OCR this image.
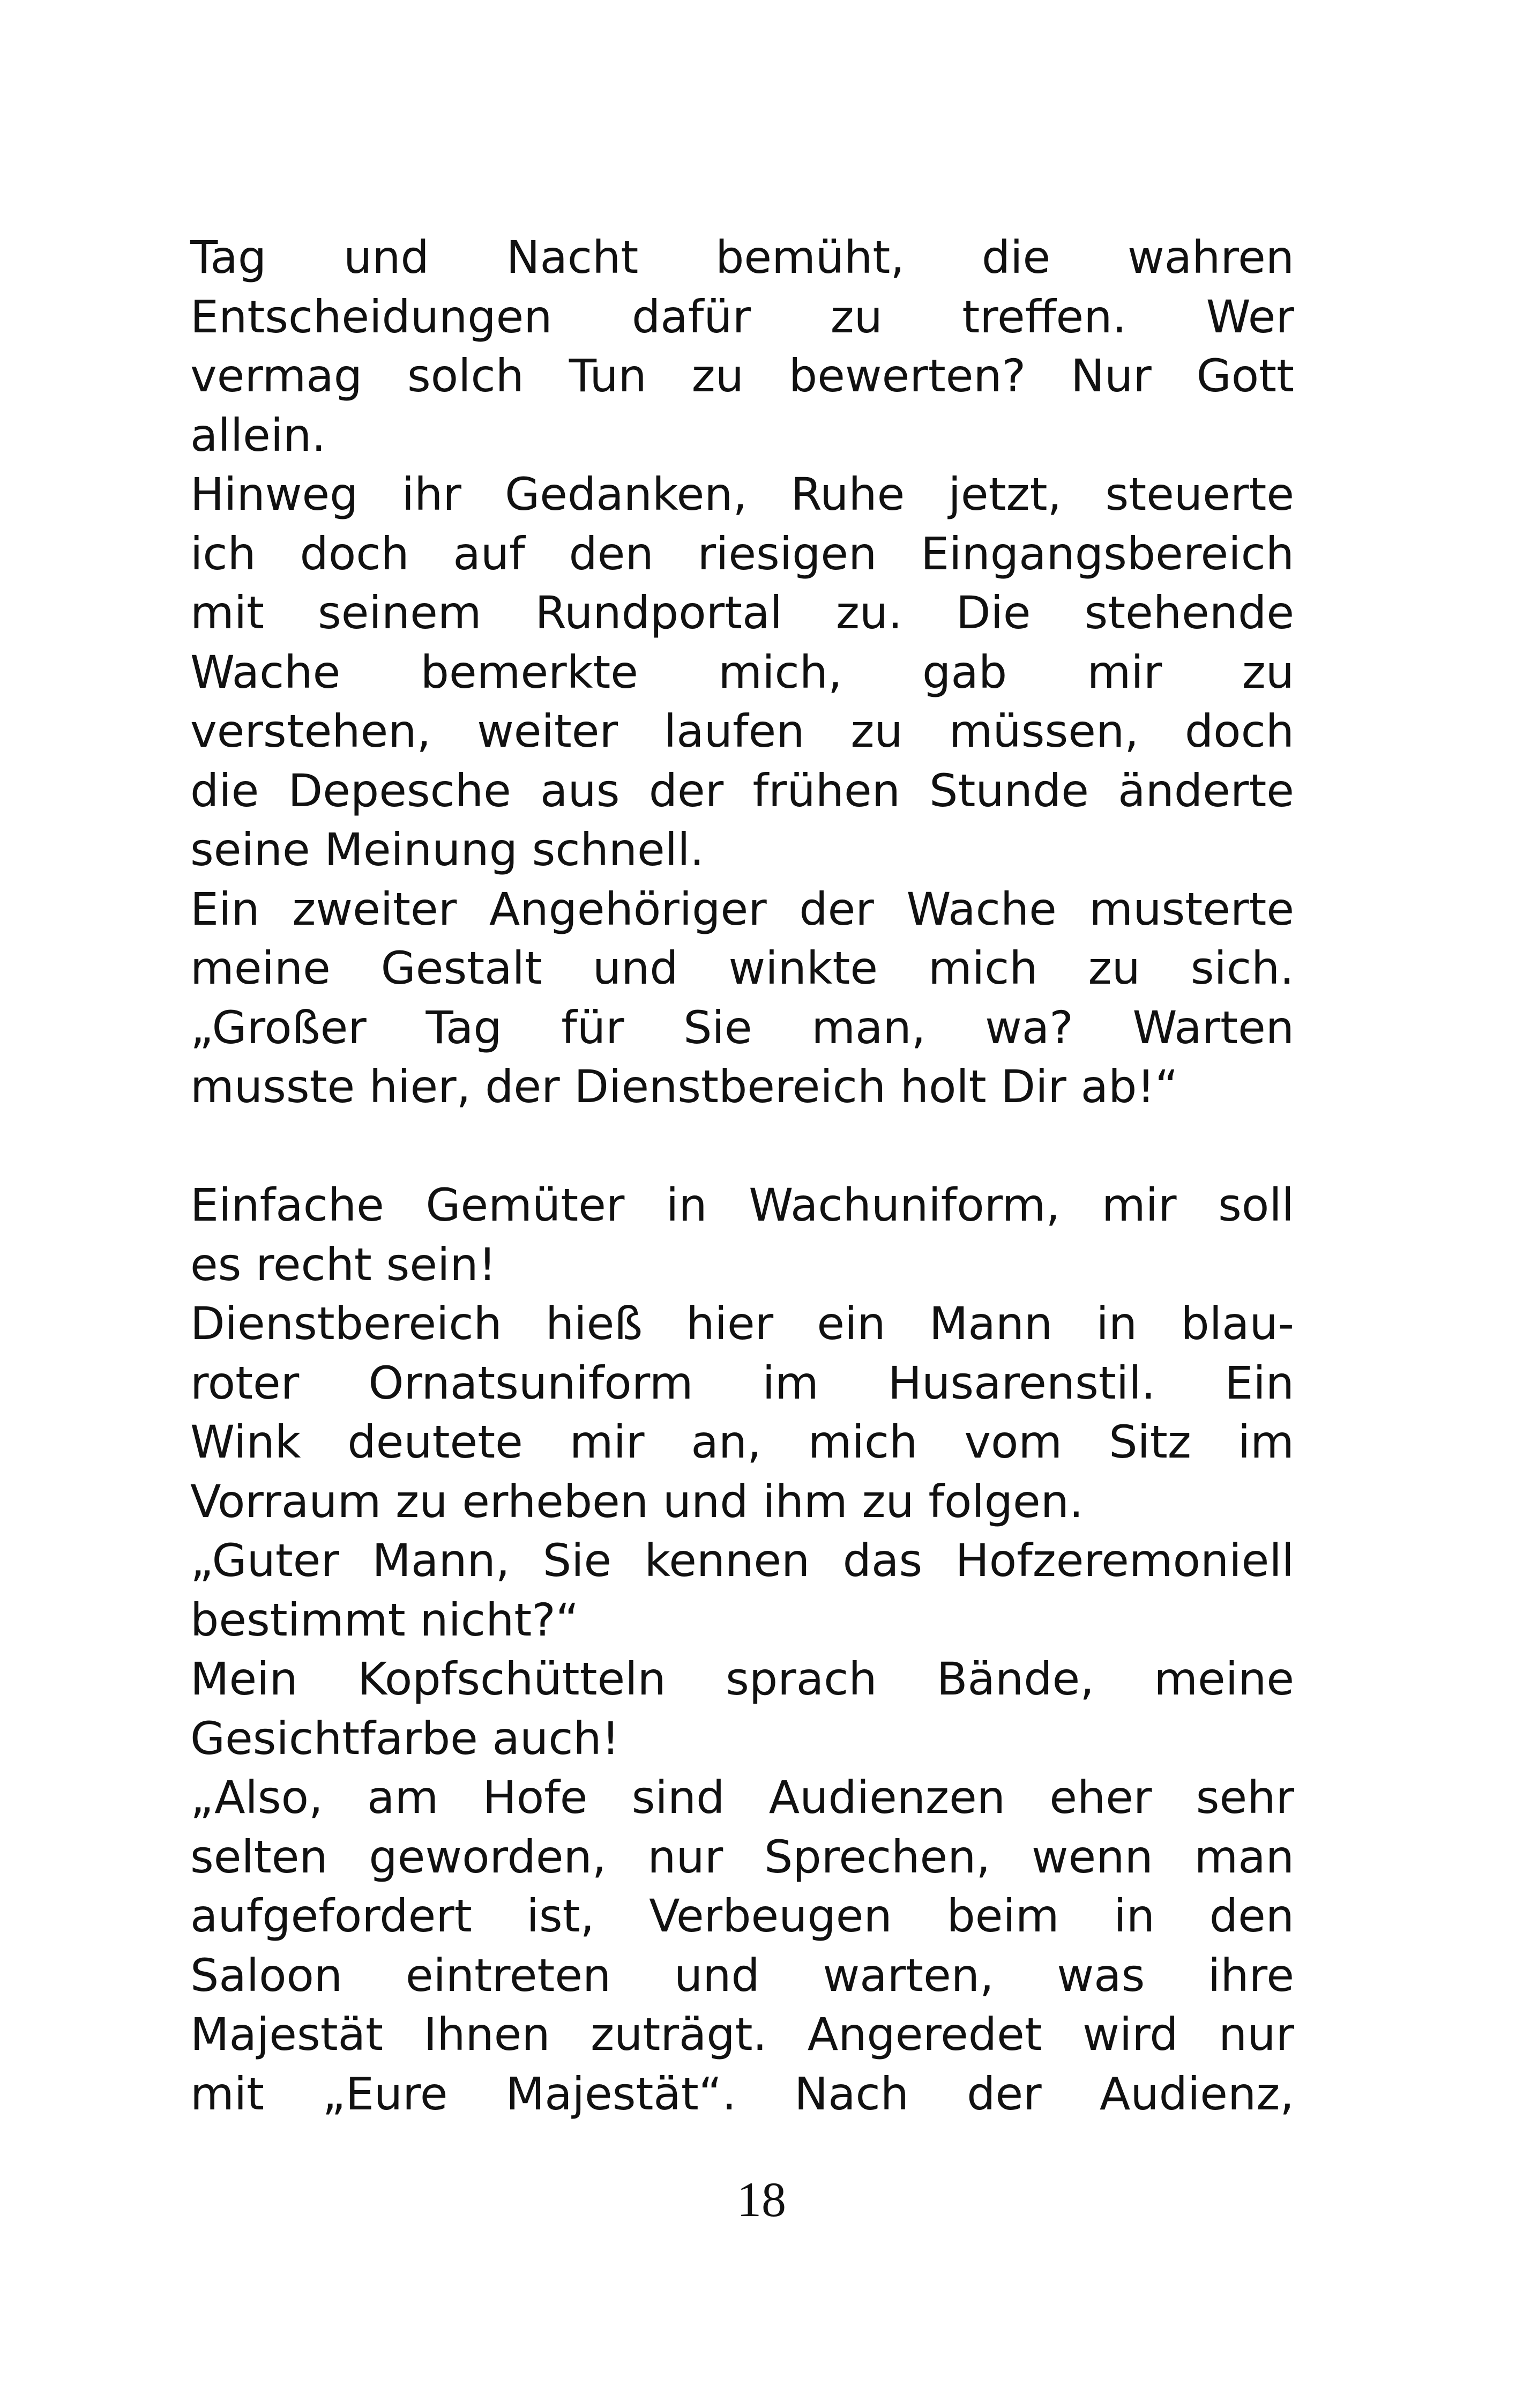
Tag und Nacht bemüht, die wahren
Entscheidungen dafür zu treffen. Wer
vermag solch Tun zu bewerten? Nur Gott
allein.
Hinweg ihr Gedanken, Ruhe jetzt, steuerte
ich doch auf den riesigen Eingangsbereich
mit seinem Rundportal zu. Die stehende
Wache bemerkte mich, gab mir zu
verstehen, weiter laufen zu müssen, doch
die Depesche aus der frühen Stunde änderte
seine Meinung schnell.
Ein zweiter Angehöriger der Wache musterte
meine Gestalt und winkte mich zu sich.
„Großer Tag für Sie man, wa? Warten
musste hier, der Dienstbereich holt Dir ab!“
Einfache Gemüter in Wachuniform, mir soll
es recht sein!
Dienstbereich hieß hier ein Mann in blau-
roter Ornatsuniform im Husarenstil. Ein
Wink deutete mir an, mich vom Sitz im
Vorraum zu erheben und ihm zu folgen.
„Guter Mann, Sie kennen das Hofzeremoniell
bestimmt nicht?“
Mein Kopfschütteln sprach Bände, meine
Gesichtfarbe auch!
„Also, am Hofe sind Audienzen eher sehr
selten geworden, nur Sprechen, wenn man
aufgefordert ist, Verbeugen beim in den
Saloon eintreten und warten, was ihre
Majestät Ihnen zuträgt. Angeredet wird nur
mit „Eure Majestät“. Nach der Audienz,
18
